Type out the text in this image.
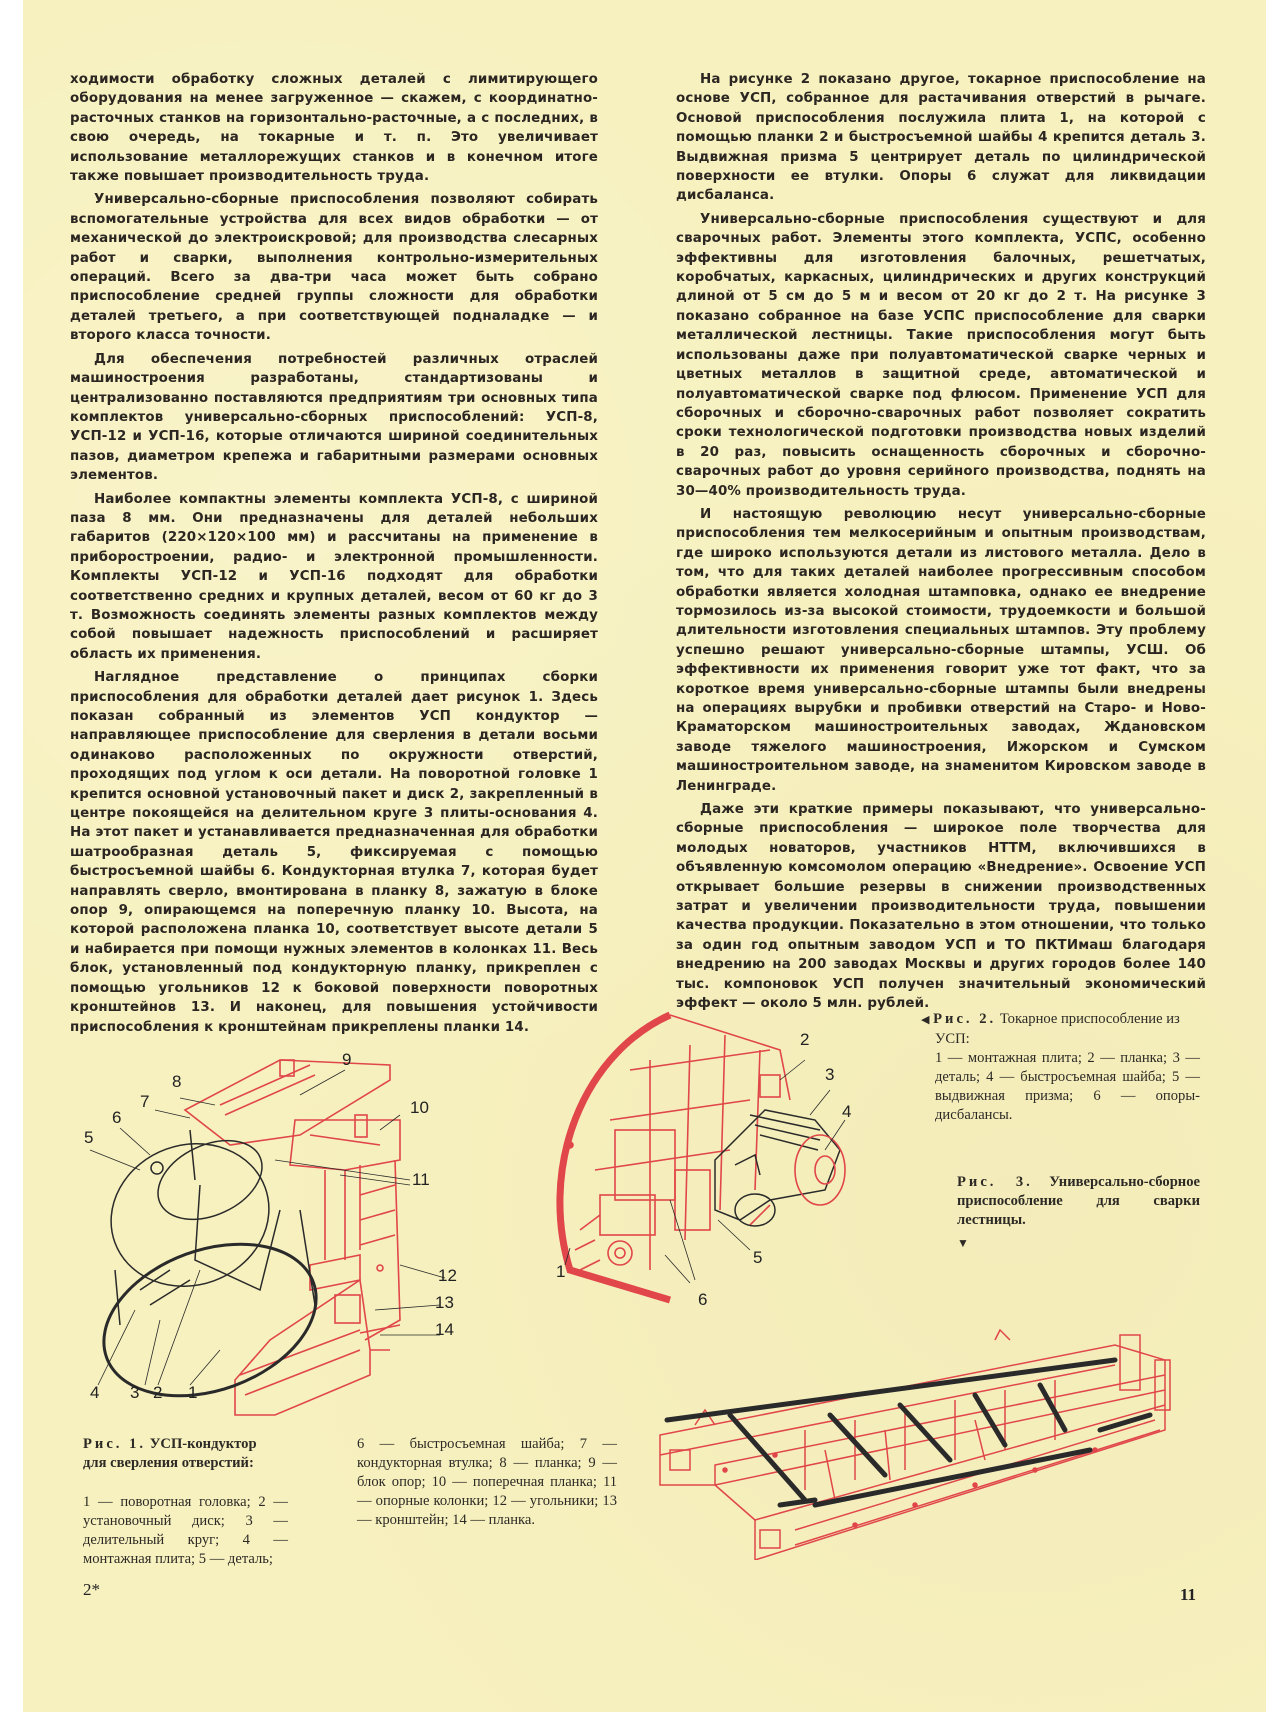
ходимости обработку сложных деталей с лимитирующего оборудования на менее загруженное — скажем, с координатно-расточных станков на горизонтально-расточные, а с последних, в свою очередь, на токарные и т. п. Это увеличивает использование металлорежущих станков и в конечном итоге также повышает производительность труда.

Универсально-сборные приспособления позволяют собирать вспомогательные устройства для всех видов обработки — от механической до электроискровой; для производства слесарных работ и сварки, выполнения контрольно-измерительных операций. Всего за два-три часа может быть собрано приспособление средней группы сложности для обработки деталей третьего, а при соответствующей подналадке — и второго класса точности.

Для обеспечения потребностей различных отраслей машиностроения разработаны, стандартизованы и централизованно поставляются предприятиям три основных типа комплектов универсально-сборных приспособлений: УСП-8, УСП-12 и УСП-16, которые отличаются шириной соединительных пазов, диаметром крепежа и габаритными размерами основных элементов.

Наиболее компактны элементы комплекта УСП-8, с шириной паза 8 мм. Они предназначены для деталей небольших габаритов (220×120×100 мм) и рассчитаны на применение в приборостроении, радио- и электронной промышленности. Комплекты УСП-12 и УСП-16 подходят для обработки соответственно средних и крупных деталей, весом от 60 кг до 3 т. Возможность соединять элементы разных комплектов между собой повышает надежность приспособлений и расширяет область их применения.

Наглядное представление о принципах сборки приспособления для обработки деталей дает рисунок 1. Здесь показан собранный из элементов УСП кондуктор — направляющее приспособление для сверления в детали восьми одинаково расположенных по окружности отверстий, проходящих под углом к оси детали. На поворотной головке 1 крепится основной установочный пакет и диск 2, закрепленный в центре покоящейся на делительном круге 3 плиты-основания 4. На этот пакет и устанавливается предназначенная для обработки шатрообразная деталь 5, фиксируемая с помощью быстросъемной шайбы 6. Кондукторная втулка 7, которая будет направлять сверло, вмонтирована в планку 8, зажатую в блоке опор 9, опирающемся на поперечную планку 10. Высота, на которой расположена планка 10, соответствует высоте детали 5 и набирается при помощи нужных элементов в колонках 11. Весь блок, установленный под кондукторную планку, прикреплен с помощью угольников 12 к боковой поверхности поворотных кронштейнов 13. И наконец, для повышения устойчивости приспособления к кронштейнам прикреплены планки 14.

На рисунке 2 показано другое, токарное приспособление на основе УСП, собранное для растачивания отверстий в рычаге. Основой приспособления послужила плита 1, на которой с помощью планки 2 и быстросъемной шайбы 4 крепится деталь 3. Выдвижная призма 5 центрирует деталь по цилиндрической поверхности ее втулки. Опоры 6 служат для ликвидации дисбаланса.

Универсально-сборные приспособления существуют и для сварочных работ. Элементы этого комплекта, УСПС, особенно эффективны для изготовления балочных, решетчатых, коробчатых, каркасных, цилиндрических и других конструкций длиной от 5 см до 5 м и весом от 20 кг до 2 т. На рисунке 3 показано собранное на базе УСПС приспособление для сварки металлической лестницы. Такие приспособления могут быть использованы даже при полуавтоматической сварке черных и цветных металлов в защитной среде, автоматической и полуавтоматической сварке под флюсом. Применение УСП для сборочных и сборочно-сварочных работ позволяет сократить сроки технологической подготовки производства новых изделий в 20 раз, повысить оснащенность сборочных и сборочно-сварочных работ до уровня серийного производства, поднять на 30—40% производительность труда.

И настоящую революцию несут универсально-сборные приспособления тем мелкосерийным и опытным производствам, где широко используются детали из листового металла. Дело в том, что для таких деталей наиболее прогрессивным способом обработки является холодная штамповка, однако ее внедрение тормозилось из-за высокой стоимости, трудоемкости и большой длительности изготовления специальных штампов. Эту проблему успешно решают универсально-сборные штампы, УСШ. Об эффективности их применения говорит уже тот факт, что за короткое время универсально-сборные штампы были внедрены на операциях вырубки и пробивки отверстий на Старо- и Ново-Краматорском машиностроительных заводах, Ждановском заводе тяжелого машиностроения, Ижорском и Сумском машиностроительном заводе, на знаменитом Кировском заводе в Ленинграде.

Даже эти краткие примеры показывают, что универсально-сборные приспособления — широкое поле творчества для молодых новаторов, участников НТТМ, включившихся в объявленную комсомолом операцию «Внедрение». Освоение УСП открывает большие резервы в снижении производственных затрат и увеличении производительности труда, повышении качества продукции. Показательно в этом отношении, что только за один год опытным заводом УСП и ТО ПКТИмаш благодаря внедрению на 200 заводах Москвы и других городов более 140 тыс. компоновок УСП получен значительный экономический эффект — около 5 млн. рублей.

9
8
7
6
5
10
11
12
13
14
4 3 2 1
2
3
4
5
1
6
◀ Рис. 2. Токарное приспособление из УСП:

1 — монтажная плита; 2 — планка; 3 — деталь; 4 — быстросъемная шайба; 5 — выдвижная призма; 6 — опоры-дисбалансы.
Рис. 3. Универсально-сборное приспособление для сварки лестницы.
▼
Рис. 1. УСП-кондуктор для сверления отверстий:
1 — поворотная головка; 2 — установочный диск; 3 — делительный круг; 4 — монтажная плита; 5 — деталь;
6 — быстросъемная шайба; 7 — кондукторная втулка; 8 — планка; 9 — блок опор; 10 — поперечная планка; 11 — опорные колонки; 12 — угольники; 13 — кронштейн; 14 — планка.
2*	11
